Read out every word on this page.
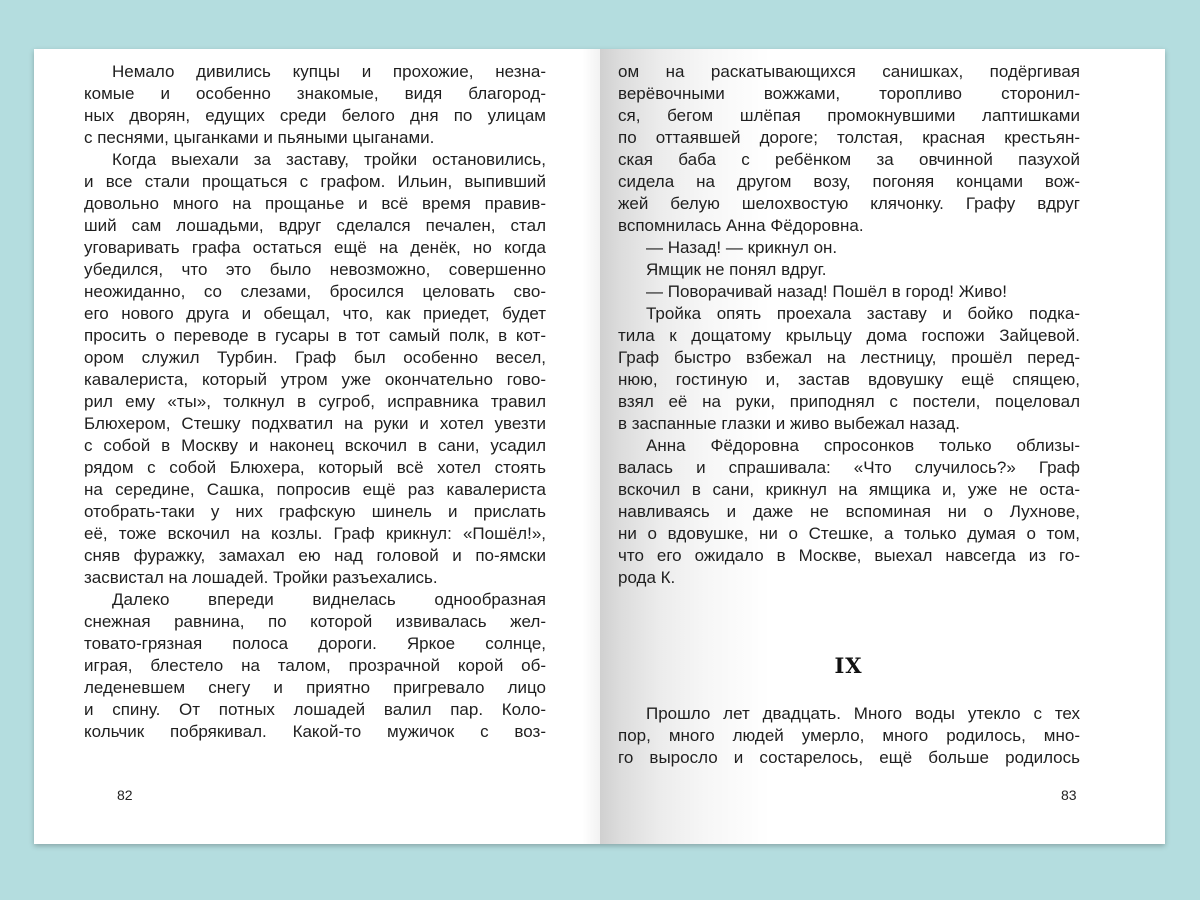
Немало дивились купцы и прохожие, незна-
комые и особенно знакомые, видя благород-
ных дворян, едущих среди белого дня по улицам
с песнями, цыганками и пьяными цыганами.
Когда выехали за заставу, тройки остановились,
и все стали прощаться с графом. Ильин, выпивший
довольно много на прощанье и всё время правив-
ший сам лошадьми, вдруг сделался печален, стал
уговаривать графа остаться ещё на денёк, но когда
убедился, что это было невозможно, совершенно
неожиданно, со слезами, бросился целовать сво-
его нового друга и обещал, что, как приедет, будет
просить о переводе в гусары в тот самый полк, в кот-
ором служил Турбин. Граф был особенно весел,
кавалериста, который утром уже окончательно гово-
рил ему «ты», толкнул в сугроб, исправника травил
Блюхером, Стешку подхватил на руки и хотел увезти
с собой в Москву и наконец вскочил в сани, усадил
рядом с собой Блюхера, который всё хотел стоять
на середине, Сашка, попросив ещё раз кавалериста
отобрать-таки у них графскую шинель и прислать
её, тоже вскочил на козлы. Граф крикнул: «Пошёл!»,
сняв фуражку, замахал ею над головой и по-ямски
засвистал на лошадей. Тройки разъехались.
Далеко впереди виднелась однообразная
снежная равнина, по которой извивалась жел-
товато-грязная полоса дороги. Яркое солнце,
играя, блестело на талом, прозрачной корой об-
леденевшем снегу и приятно пригревало лицо
и спину. От потных лошадей валил пар. Коло-
кольчик побрякивал. Какой-то мужичок с воз-
ом на раскатывающихся санишках, подёргивая
верёвочными вожжами, торопливо сторонил-
ся, бегом шлёпая промокнувшими лаптишками
по оттаявшей дороге; толстая, красная крестьян-
ская баба с ребёнком за овчинной пазухой
сидела на другом возу, погоняя концами вож-
жей белую шелохвостую клячонку. Графу вдруг
вспомнилась Анна Фёдоровна.
— Назад! — крикнул он.
Ямщик не понял вдруг.
— Поворачивай назад! Пошёл в город! Живо!
Тройка опять проехала заставу и бойко подка-
тила к дощатому крыльцу дома госпожи Зайцевой.
Граф быстро взбежал на лестницу, прошёл перед-
нюю, гостиную и, застав вдовушку ещё спящею,
взял её на руки, приподнял с постели, поцеловал
в заспанные глазки и живо выбежал назад.
Анна Фёдоровна спросонков только облизы-
валась и спрашивала: «Что случилось?» Граф
вскочил в сани, крикнул на ямщика и, уже не оста-
навливаясь и даже не вспоминая ни о Лухнове,
ни о вдовушке, ни о Стешке, а только думая о том,
что его ожидало в Москве, выехал навсегда из го-
рода К.
IX
Прошло лет двадцать. Много воды утекло с тех
пор, много людей умерло, много родилось, мно-
го выросло и состарелось, ещё больше родилось
82	83
